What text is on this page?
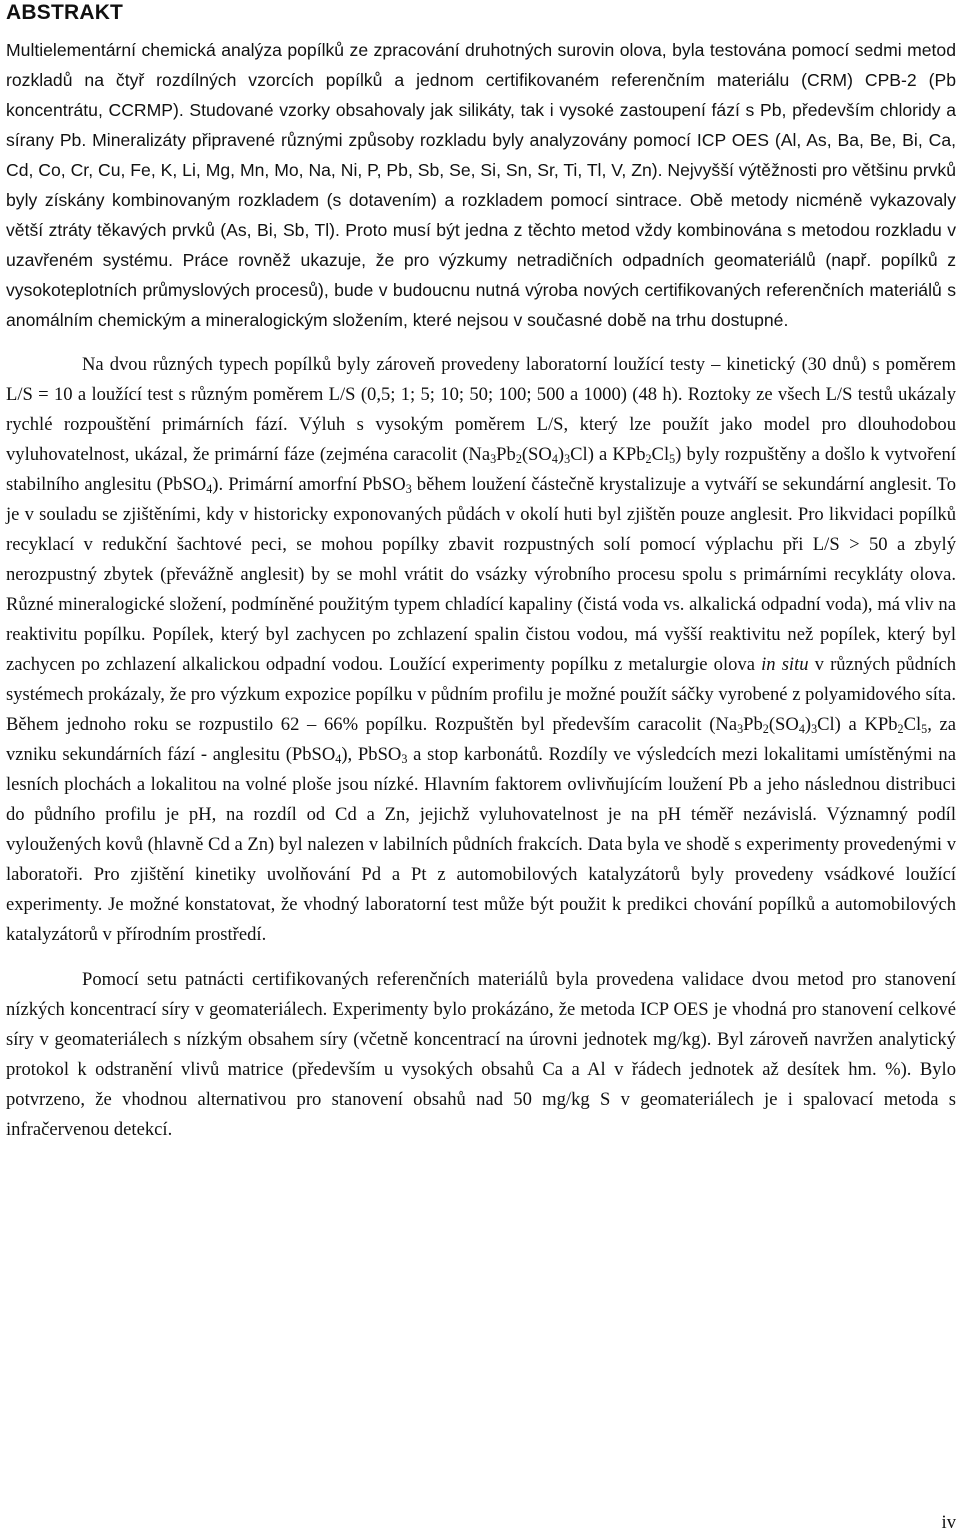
ABSTRAKT

Multielementární chemická analýza popílků ze zpracování druhotných surovin olova, byla testována pomocí sedmi metod rozkladů na čtyř rozdílných vzorcích popílků a jednom certifikovaném referenčním materiálu (CRM) CPB-2 (Pb koncentrátu, CCRMP). Studované vzorky obsahovaly jak silikáty, tak i vysoké zastoupení fází s Pb, především chloridy a sírany Pb. Mineralizáty připravené různými způsoby rozkladu byly analyzovány pomocí ICP OES (Al, As, Ba, Be, Bi, Ca, Cd, Co, Cr, Cu, Fe, K, Li, Mg, Mn, Mo, Na, Ni, P, Pb, Sb, Se, Si, Sn, Sr, Ti, Tl, V, Zn). Nejvyšší výtěžnosti pro většinu prvků byly získány kombinovaným rozkladem (s dotavením) a rozkladem pomocí sintrace. Obě metody nicméně vykazovaly větší ztráty těkavých prvků (As, Bi, Sb, Tl). Proto musí být jedna z těchto metod vždy kombinována s metodou rozkladu v uzavřeném systému. Práce rovněž ukazuje, že pro výzkumy netradičních odpadních geomateriálů (např. popílků z vysokoteplotních průmyslových procesů), bude v budoucnu nutná výroba nových certifikovaných referenčních materiálů s anomálním chemickým a mineralogickým složením, které nejsou v současné době na trhu dostupné.

Na dvou různých typech popílků byly zároveň provedeny laboratorní loužící testy – kinetický (30 dnů) s poměrem L/S = 10 a loužící test s různým poměrem L/S (0,5; 1; 5; 10; 50; 100; 500 a 1000) (48 h). Roztoky ze všech L/S testů ukázaly rychlé rozpouštění primárních fází. Výluh s vysokým poměrem L/S, který lze použít jako model pro dlouhodobou vyluhovatelnost, ukázal, že primární fáze (zejména caracolit $(Na_3Pb_2(SO_4)_3Cl)$ a $KPb_2Cl_5$) byly rozpuštěny a došlo k vytvoření stabilního anglesitu (PbSO$_4$). Primární amorfní PbSO$_3$ během loužení částečně krystalizuje a vytváří se sekundární anglesit. To je v souladu se zjištěními, kdy v historicky exponovaných půdách v okolí huti byl zjištěn pouze anglesit. Pro likvidaci popílků recyklací v redukční šachtové peci, se mohou popílky zbavit rozpustných solí pomocí výplachu při L/S > 50 a zbylý nerozpustný zbytek (převážně anglesit) by se mohl vrátit do vsázky výrobního procesu spolu s primárními recykláty olova. Různé mineralogické složení, podmíněné použitým typem chladící kapaliny (čistá voda vs. alkalická odpadní voda), má vliv na reaktivitu popílku. Popílek, který byl zachycen po zchlazení spalin čistou vodou, má vyšší reaktivitu než popílek, který byl zachycen po zchlazení alkalickou odpadní vodou. Loužící experimenty popílku z metalurgie olova in situ v různých půdních systémech prokázaly, že pro výzkum expozice popílku v půdním profilu je možné použít sáčky vyrobené z polyamidového síta. Během jednoho roku se rozpustilo 62 – 66% popílku. Rozpuštěn byl především caracolit $(Na_3Pb_2(SO_4)_3Cl)$ a $KPb_2Cl_5$, za vzniku sekundárních fází - anglesitu (PbSO$_4$), PbSO$_3$ a stop karbonátů. Rozdíly ve výsledcích mezi lokalitami umístěnými na lesních plochách a lokalitou na volné ploše jsou nízké. Hlavním faktorem ovlivňujícím loužení Pb a jeho následnou distribuci do půdního profilu je pH, na rozdíl od Cd a Zn, jejichž vyluhovatelnost je na pH téměř nezávislá. Významný podíl vyloužených kovů (hlavně Cd a Zn) byl nalezen v labilních půdních frakcích. Data byla ve shodě s experimenty provedenými v laboratoři. Pro zjištění kinetiky uvolňování Pd a Pt z automobilových katalyzátorů byly provedeny vsádkové loužící experimenty. Je možné konstatovat, že vhodný laboratorní test může být použit k predikci chování popílků a automobilových katalyzátorů v přírodním prostředí.

Pomocí setu patnácti certifikovaných referenčních materiálů byla provedena validace dvou metod pro stanovení nízkých koncentrací síry v geomateriálech. Experimenty bylo prokázáno, že metoda ICP OES je vhodná pro stanovení celkové síry v geomateriálech s nízkým obsahem síry (včetně koncentrací na úrovni jednotek mg/kg). Byl zároveň navržen analytický protokol k odstranění vlivů matrice (především u vysokých obsahů Ca a Al v řádech jednotek až desítek hm. %). Bylo potvrzeno, že vhodnou alternativou pro stanovení obsahů nad 50 mg/kg S v geomateriálech je i spalovací metoda s infračervenou detekcí.

iv
